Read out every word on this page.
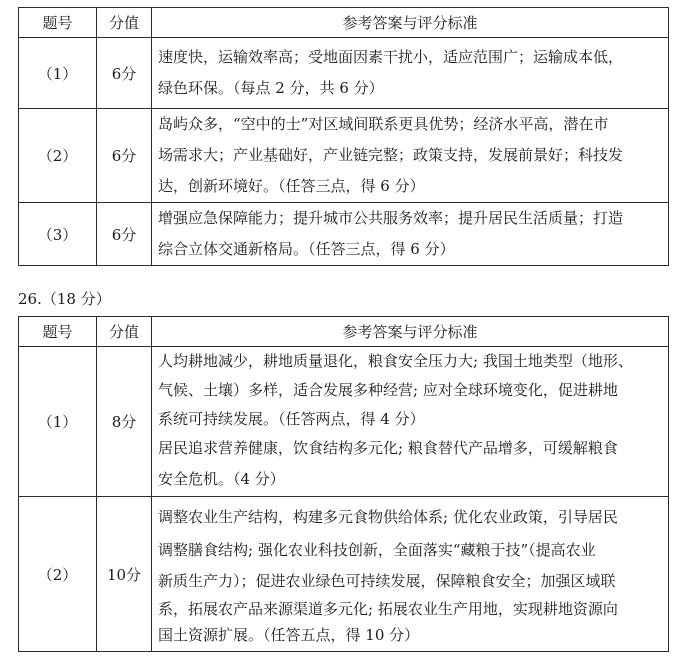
题号	分值	参考答案与评分标准
（1）	6分	速度快，运输效率高；受地面因素干扰小，适应范围广；运输成本低，

绿色环保。（每点 2 分，共 6 分）

（2）	6分	岛屿众多，“空中的士”对区域间联系更具优势；经济水平高，潜在市

场需求大；产业基础好，产业链完整；政策支持，发展前景好；科技发

达，创新环境好。（任答三点，得 6 分）

（3）	6分	增强应急保障能力；提升城市公共服务效率；提升居民生活质量；打造

综合立体交通新格局。（任答三点，得 6 分）

26.（18 分）

题号	分值	参考答案与评分标准
（1）	8分	人均耕地减少，耕地质量退化，粮食安全压力大; 我国土地类型（地形、

气候、土壤）多样，适合发展多种经营; 应对全球环境变化，促进耕地

系统可持续发展。（任答两点，得 4 分）

居民追求营养健康，饮食结构多元化; 粮食替代产品增多，可缓解粮食

安全危机。（4 分）

（2）	10分	调整农业生产结构，构建多元食物供给体系; 优化农业政策，引导居民

调整膳食结构; 强化农业科技创新，全面落实“藏粮于技”（提高农业

新质生产力）；促进农业绿色可持续发展，保障粮食安全；加强区域联

系，拓展农产品来源渠道多元化; 拓展农业生产用地，实现耕地资源向

国土资源扩展。（任答五点，得 10 分）
